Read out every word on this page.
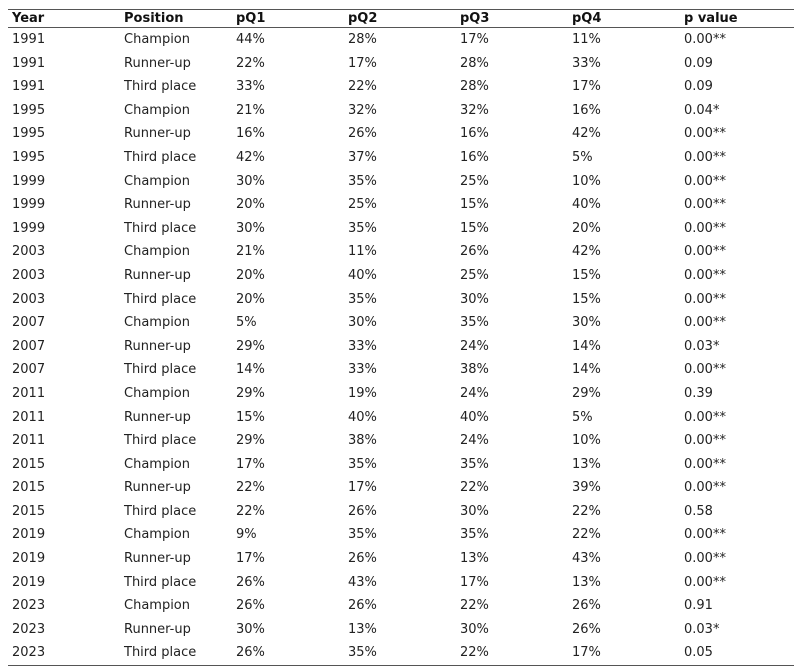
Year	Position	pQ1	pQ2	pQ3	pQ4	p value
1991	Champion	44%	28%	17%	11%	0.00**
1991	Runner-up	22%	17%	28%	33%	0.09
1991	Third place	33%	22%	28%	17%	0.09
1995	Champion	21%	32%	32%	16%	0.04*
1995	Runner-up	16%	26%	16%	42%	0.00**
1995	Third place	42%	37%	16%	5%	0.00**
1999	Champion	30%	35%	25%	10%	0.00**
1999	Runner-up	20%	25%	15%	40%	0.00**
1999	Third place	30%	35%	15%	20%	0.00**
2003	Champion	21%	11%	26%	42%	0.00**
2003	Runner-up	20%	40%	25%	15%	0.00**
2003	Third place	20%	35%	30%	15%	0.00**
2007	Champion	5%	30%	35%	30%	0.00**
2007	Runner-up	29%	33%	24%	14%	0.03*
2007	Third place	14%	33%	38%	14%	0.00**
2011	Champion	29%	19%	24%	29%	0.39
2011	Runner-up	15%	40%	40%	5%	0.00**
2011	Third place	29%	38%	24%	10%	0.00**
2015	Champion	17%	35%	35%	13%	0.00**
2015	Runner-up	22%	17%	22%	39%	0.00**
2015	Third place	22%	26%	30%	22%	0.58
2019	Champion	9%	35%	35%	22%	0.00**
2019	Runner-up	17%	26%	13%	43%	0.00**
2019	Third place	26%	43%	17%	13%	0.00**
2023	Champion	26%	26%	22%	26%	0.91
2023	Runner-up	30%	13%	30%	26%	0.03*
2023	Third place	26%	35%	22%	17%	0.05
